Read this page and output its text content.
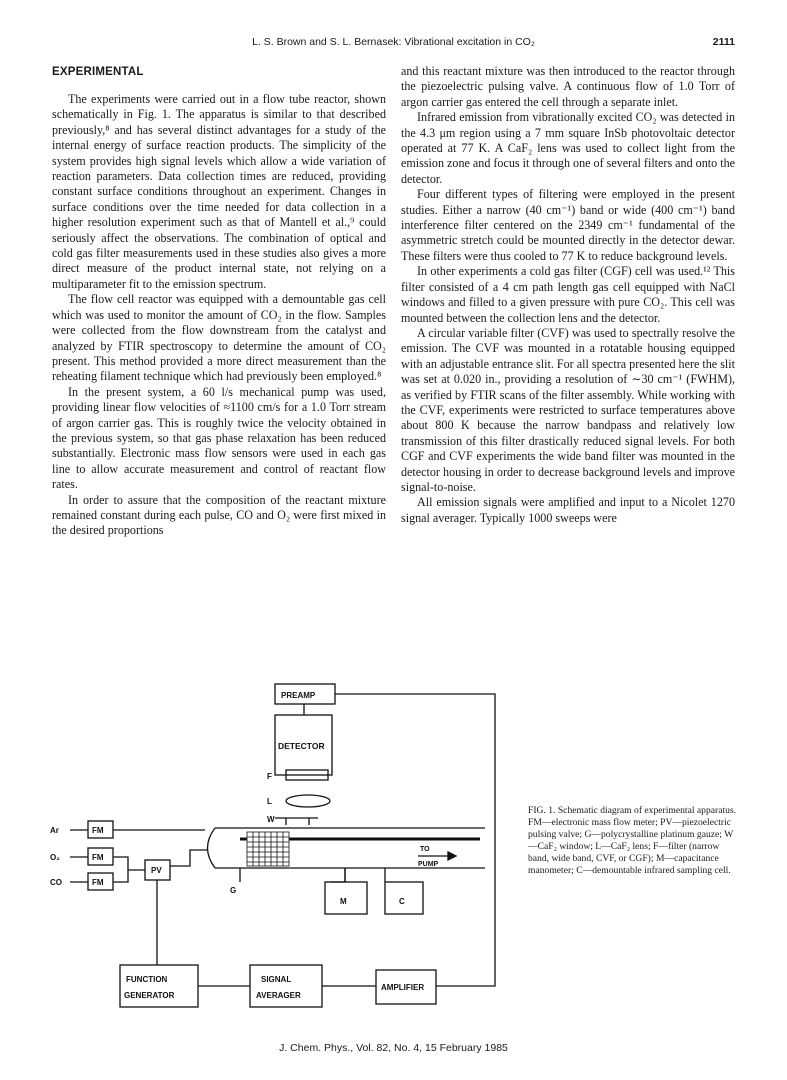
L. S. Brown and S. L. Bernasek: Vibrational excitation in CO₂	2111
EXPERIMENTAL

The experiments were carried out in a flow tube reactor, shown schematically in Fig. 1. The apparatus is similar to that described previously,⁸ and has several distinct advantages for a study of the internal energy of surface reaction products. The simplicity of the system provides high signal levels which allow a wide variation of reaction parameters. Data collection times are reduced, providing constant surface conditions throughout an experiment. Changes in surface conditions over the time needed for data collection in a higher resolution experiment such as that of Mantell et al.,⁹ could seriously affect the observations. The combination of optical and cold gas filter measurements used in these studies also gives a more direct measure of the product internal state, not relying on a multiparameter fit to the emission spectrum.

The flow cell reactor was equipped with a demountable gas cell which was used to monitor the amount of CO₂ in the flow. Samples were collected from the flow downstream from the catalyst and analyzed by FTIR spectroscopy to determine the amount of CO₂ present. This method provided a more direct measurement than the reheating filament technique which had previously been employed.⁸

In the present system, a 60 l/s mechanical pump was used, providing linear flow velocities of ≈1100 cm/s for a 1.0 Torr stream of argon carrier gas. This is roughly twice the velocity obtained in the previous system, so that gas phase relaxation has been reduced substantially. Electronic mass flow sensors were used in each gas line to allow accurate measurement and control of reactant flow rates.

In order to assure that the composition of the reactant mixture remained constant during each pulse, CO and O₂ were first mixed in the desired proportions

and this reactant mixture was then introduced to the reactor through the piezoelectric pulsing valve. A continuous flow of 1.0 Torr of argon carrier gas entered the cell through a separate inlet.

Infrared emission from vibrationally excited CO₂ was detected in the 4.3 μm region using a 7 mm square InSb photovoltaic detector operated at 77 K. A CaF₂ lens was used to collect light from the emission zone and focus it through one of several filters and onto the detector.

Four different types of filtering were employed in the present studies. Either a narrow (40 cm⁻¹) band or wide (400 cm⁻¹) band interference filter centered on the 2349 cm⁻¹ fundamental of the asymmetric stretch could be mounted directly in the detector dewar. These filters were thus cooled to 77 K to reduce background levels.

In other experiments a cold gas filter (CGF) cell was used.¹² This filter consisted of a 4 cm path length gas cell equipped with NaCl windows and filled to a given pressure with pure CO₂. This cell was mounted between the collection lens and the detector.

A circular variable filter (CVF) was used to spectrally resolve the emission. The CVF was mounted in a rotatable housing equipped with an adjustable entrance slit. For all spectra presented here the slit was set at 0.020 in., providing a resolution of ∼30 cm⁻¹ (FWHM), as verified by FTIR scans of the filter assembly. While working with the CVF, experiments were restricted to surface temperatures above about 800 K because the narrow bandpass and relatively low transmission of this filter drastically reduced signal levels. For both CGF and CVF experiments the wide band filter was mounted in the detector housing in order to decrease background levels and improve signal-to-noise.

All emission signals were amplified and input to a Nicolet 1270 signal averager. Typically 1000 sweeps were

PREAMP
DETECTOR
F
L
W
Ar
O₂
CO
FM
FM
FM
PV
G
TO
PUMP
M	C
FUNCTION
GENERATOR
SIGNAL
AVERAGER
AMPLIFIER
FIG. 1. Schematic diagram of experimental apparatus. FM—electronic mass flow meter; PV—piezoelectric pulsing valve; G—polycrystalline platinum gauze; W—CaF₂ window; L—CaF₂ lens; F—filter (narrow band, wide band, CVF, or CGF); M—capacitance manometer; C—demountable infrared sampling cell.
J. Chem. Phys., Vol. 82, No. 4, 15 February 1985
